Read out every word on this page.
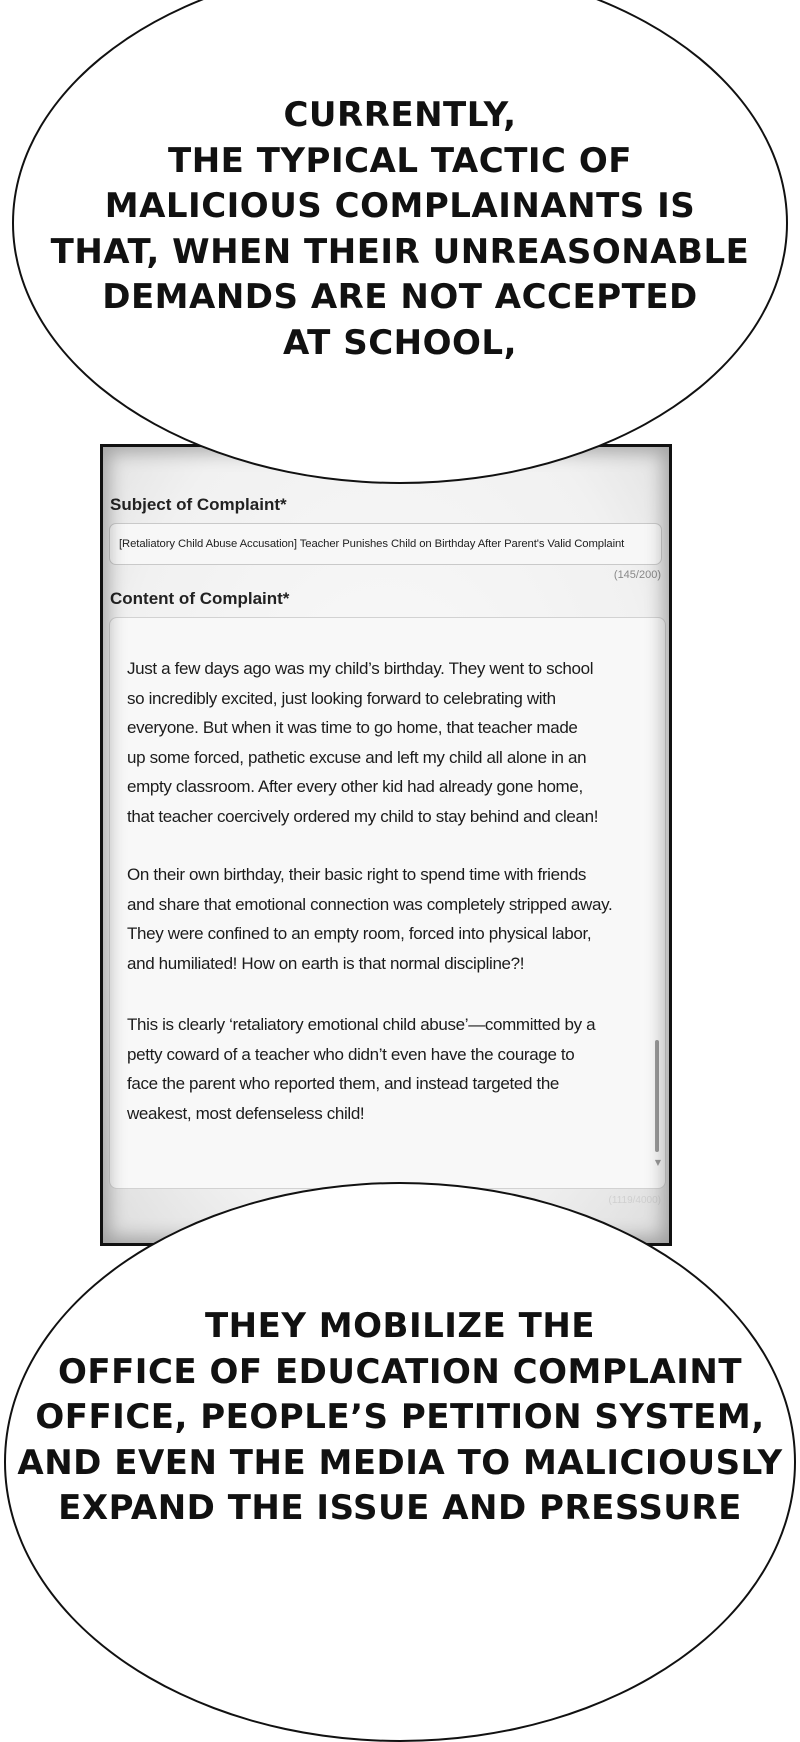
CURRENTLY,
THE TYPICAL TACTIC OF
MALICIOUS COMPLAINANTS IS
THAT, WHEN THEIR UNREASONABLE
DEMANDS ARE NOT ACCEPTED
AT SCHOOL,

Subject of Complaint*

[Retaliatory Child Abuse Accusation] Teacher Punishes Child on Birthday After Parent's Valid Complaint
(145/200)

Content of Complaint*

Just a few days ago was my child’s birthday. They went to school
so incredibly excited, just looking forward to celebrating with
everyone. But when it was time to go home, that teacher made
up some forced, pathetic excuse and left my child all alone in an
empty classroom. After every other kid had already gone home,
that teacher coercively ordered my child to stay behind and clean!

On their own birthday, their basic right to spend time with friends
and share that emotional connection was completely stripped away.
They were confined to an empty room, forced into physical labor,
and humiliated! How on earth is that normal discipline?!

This is clearly ‘retaliatory emotional child abuse’—committed by a
petty coward of a teacher who didn’t even have the courage to
face the parent who reported them, and instead targeted the
weakest, most defenseless child!

▼
(1119/4000)

THEY MOBILIZE THE
OFFICE OF EDUCATION COMPLAINT
OFFICE, PEOPLE’S PETITION SYSTEM,
AND EVEN THE MEDIA TO MALICIOUSLY
EXPAND THE ISSUE AND PRESSURE
